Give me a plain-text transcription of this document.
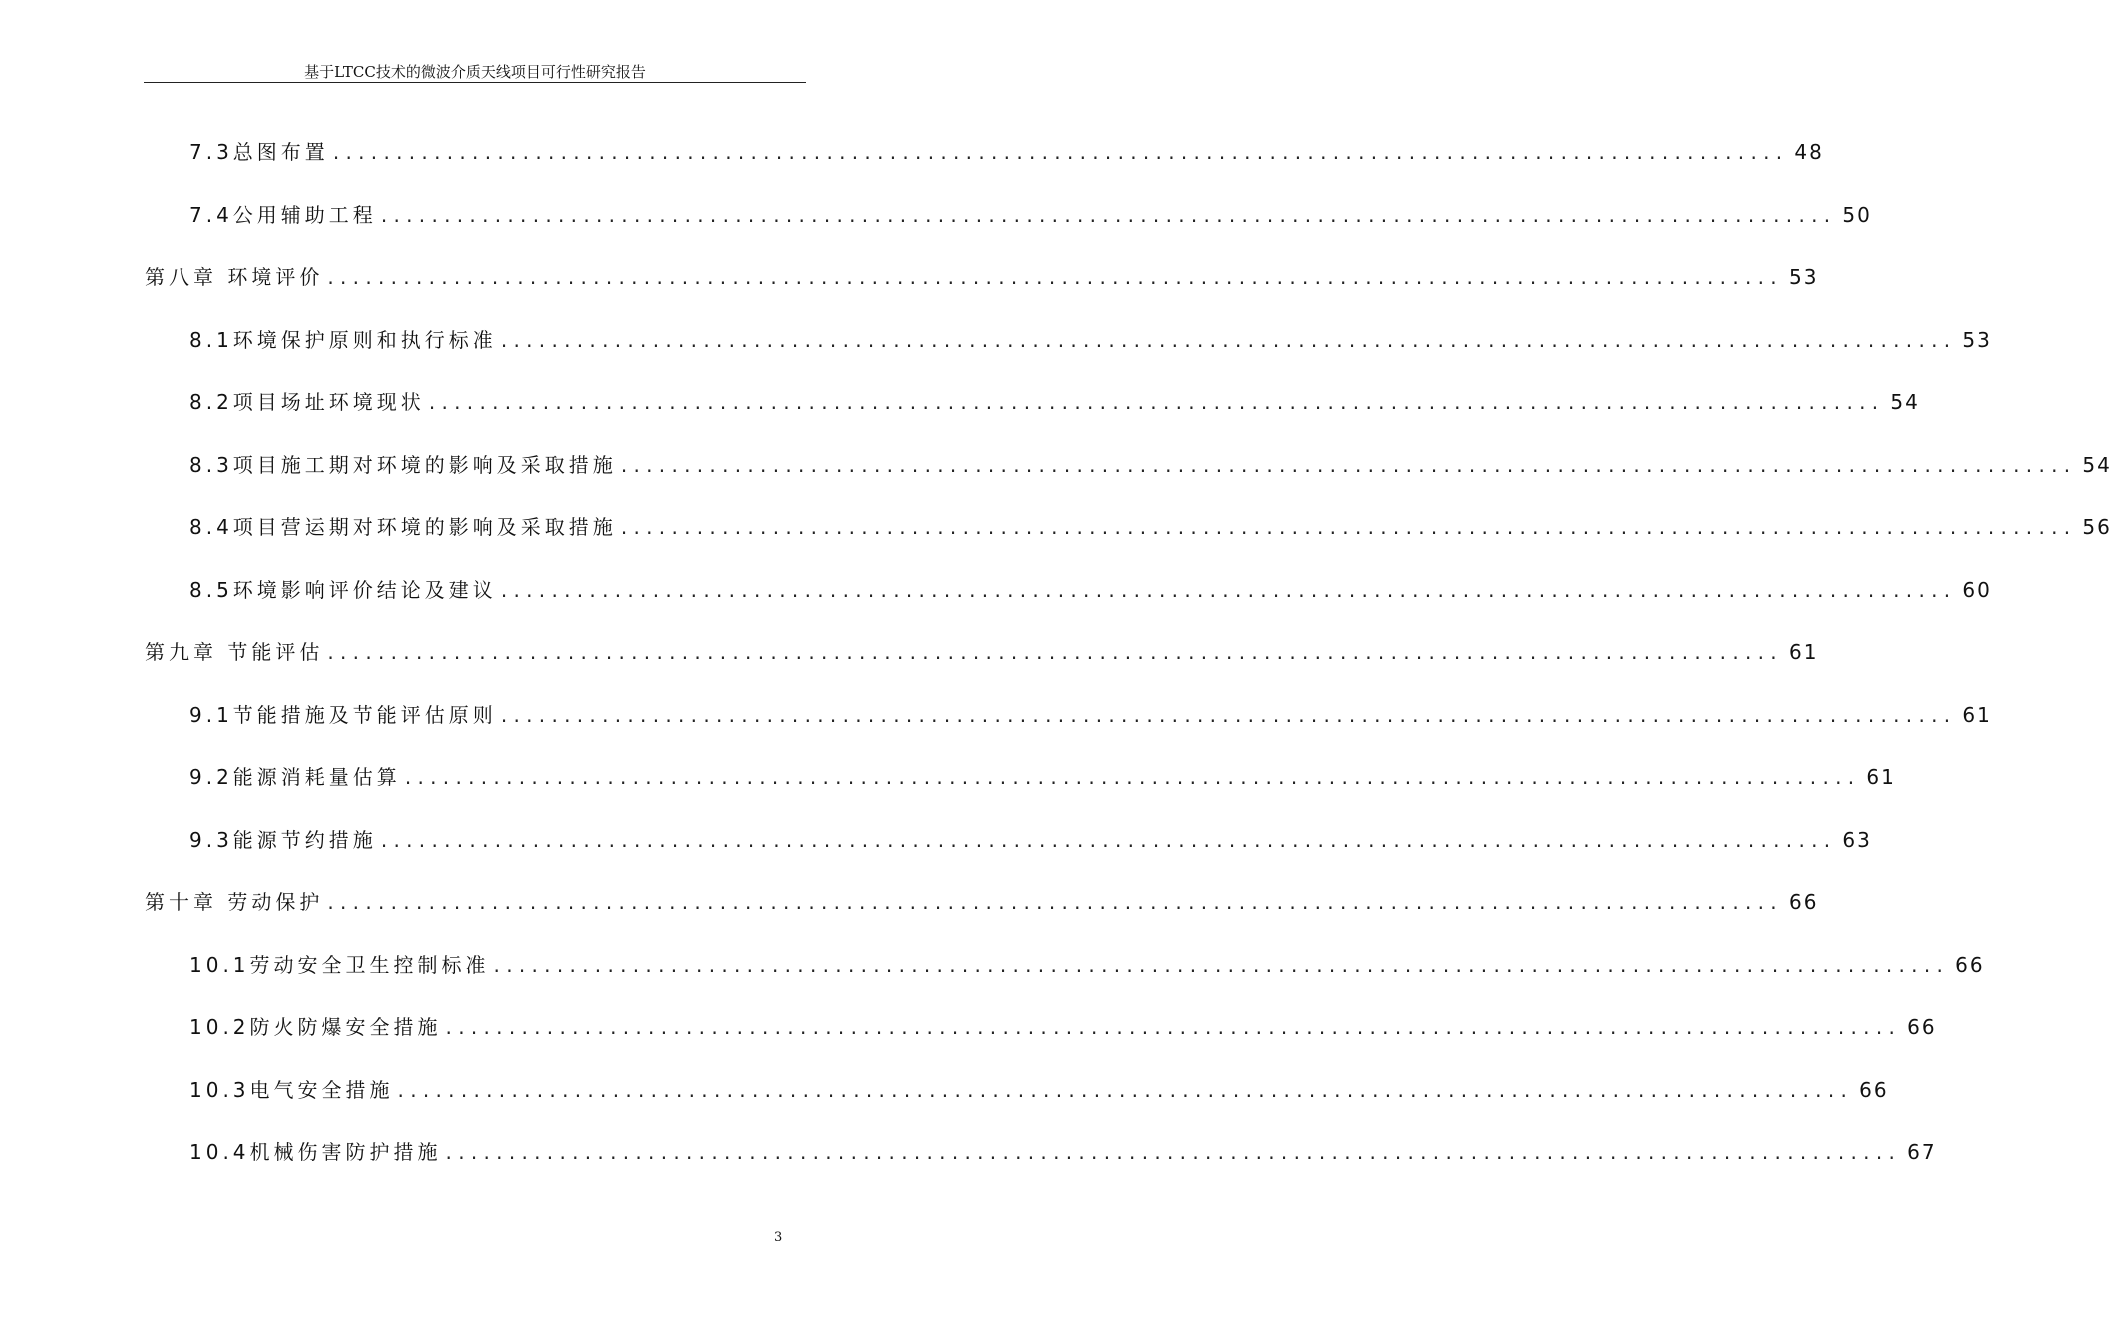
基于LTCC技术的微波介质天线项目可行性研究报告
7.3总图布置 ................................................................................................................... 48
7.4公用辅助工程 ................................................................................................................... 50
第八章 环境评价 ................................................................................................................... 53
8.1环境保护原则和执行标准 ................................................................................................................... 53
8.2项目场址环境现状 ................................................................................................................... 54
8.3项目施工期对环境的影响及采取措施 ................................................................................................................... 54
8.4项目营运期对环境的影响及采取措施 ................................................................................................................... 56
8.5环境影响评价结论及建议 ................................................................................................................... 60
第九章 节能评估 ................................................................................................................... 61
9.1节能措施及节能评估原则 ................................................................................................................... 61
9.2能源消耗量估算 ................................................................................................................... 61
9.3能源节约措施 ................................................................................................................... 63
第十章 劳动保护 ................................................................................................................... 66
10.1劳动安全卫生控制标准 ................................................................................................................... 66
10.2防火防爆安全措施 ................................................................................................................... 66
10.3电气安全措施 ................................................................................................................... 66
10.4机械伤害防护措施 ................................................................................................................... 67
3
